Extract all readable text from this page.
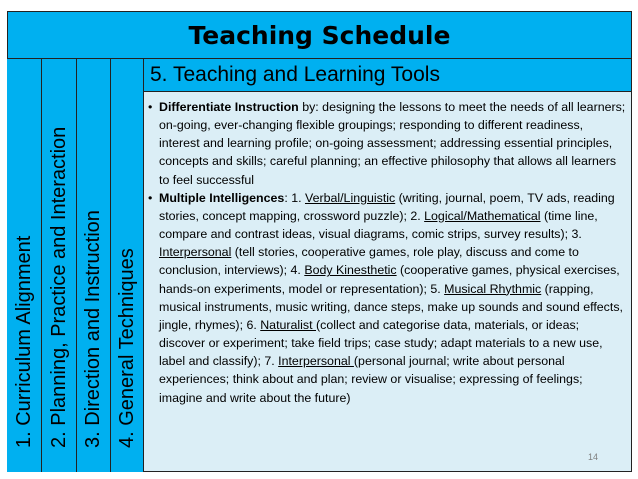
Teaching Schedule
1. Curriculum Alignment 2. Planning, Practice and Interaction 3. Direction and Instruction 4. General Techniques
5. Teaching and Learning Tools
• Differentiate Instruction by: designing the lessons to meet the needs of all learners; on-going, ever-changing flexible groupings; responding to different readiness, interest and learning profile; on-going assessment; addressing essential principles, concepts and skills; careful planning; an effective philosophy that allows all learners to feel successful
• Multiple Intelligences: 1. Verbal/Linguistic (writing, journal, poem, TV ads, reading stories, concept mapping, crossword puzzle); 2. Logical/Mathematical (time line, compare and contrast ideas, visual diagrams, comic strips, survey results); 3. Interpersonal (tell stories, cooperative games, role play, discuss and come to conclusion, interviews); 4. Body Kinesthetic (cooperative games, physical exercises, hands-on experiments, model or representation); 5. Musical Rhythmic (rapping, musical instruments, music writing, dance steps, make up sounds and sound effects, jingle, rhymes); 6. Naturalist (collect and categorise data, materials, or ideas; discover or experiment; take field trips; case study; adapt materials to a new use, label and classify); 7. Interpersonal (personal journal; write about personal experiences; think about and plan; review or visualise; expressing of feelings; imagine and write about the future)
14
